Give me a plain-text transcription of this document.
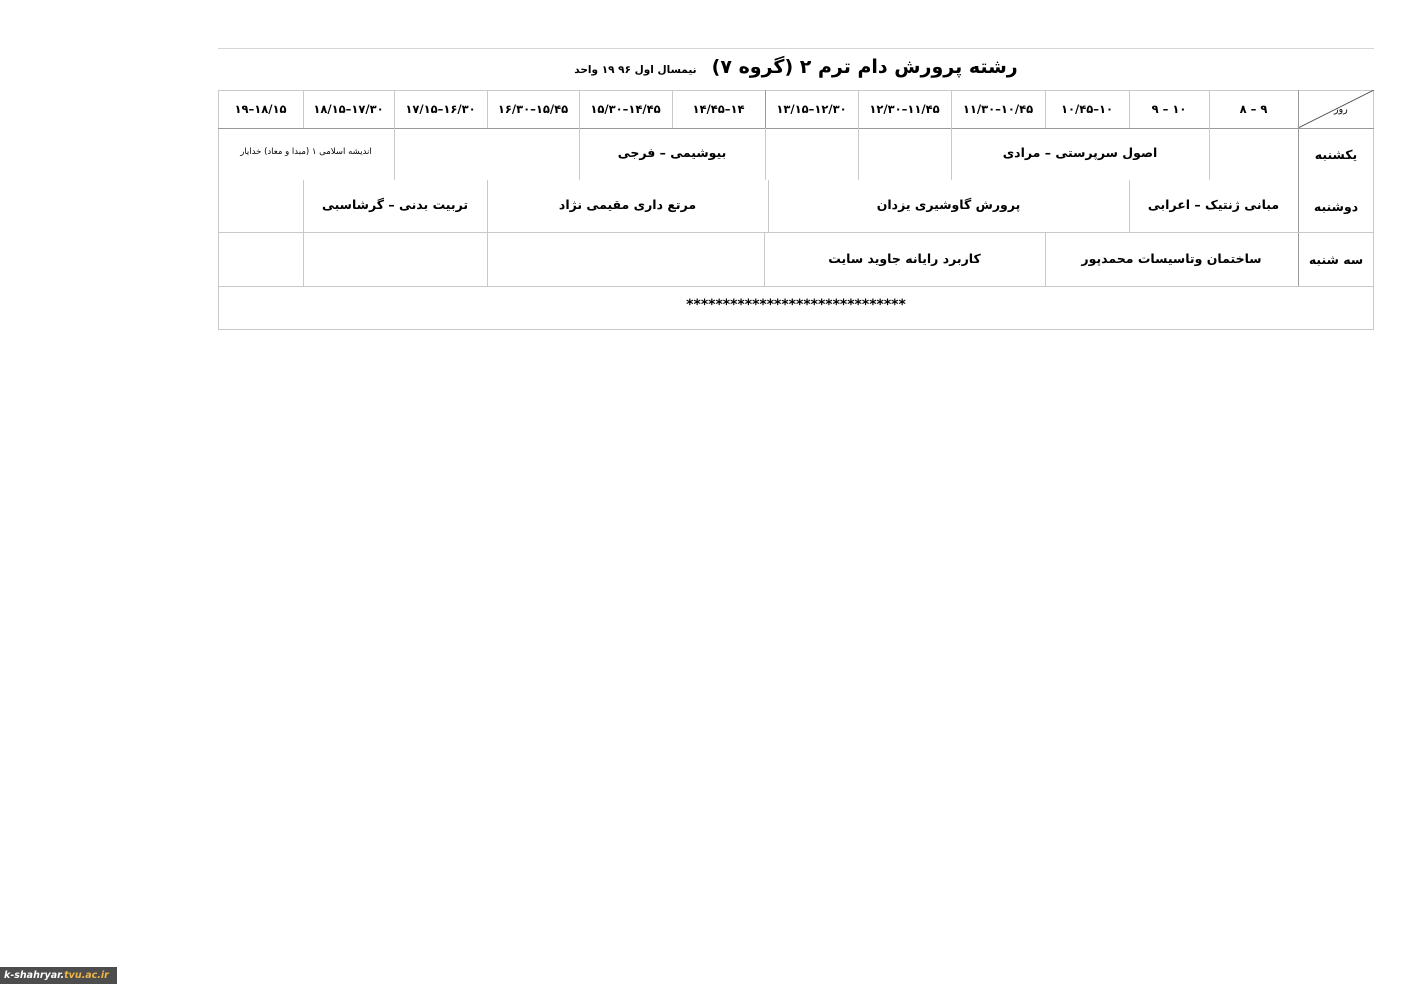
رشته پرورش دام ترم ۲ (گروه ۷) نیمسال اول ۹۶ ۱۹ واحد
روز
۹ – ۸
۱۰ – ۹
۱۰–۱۰/۴۵
۱۰/۴۵–۱۱/۳۰
۱۱/۴۵–۱۲/۳۰
۱۲/۳۰–۱۳/۱۵
۱۴–۱۴/۴۵
۱۴/۴۵–۱۵/۳۰
۱۵/۴۵–۱۶/۳۰
۱۶/۳۰–۱۷/۱۵
۱۷/۳۰–۱۸/۱۵
۱۸/۱۵–۱۹
یکشنبه
دوشنبه
سه شنبه
اصول سرپرستی – مرادی
بیوشیمی – فرجی
اندیشه اسلامی ۱ (مبدا و معاد) خدایار
مبانی ژنتیک – اعرابی
پرورش گاوشیری یزدان
مرتع داری مقیمی نژاد
تربیت بدنی – گرشاسبی
ساختمان وتاسیسات محمدپور
کاربرد رایانه جاوید سایت
******************************
k-shahryar.tvu.ac.ir
